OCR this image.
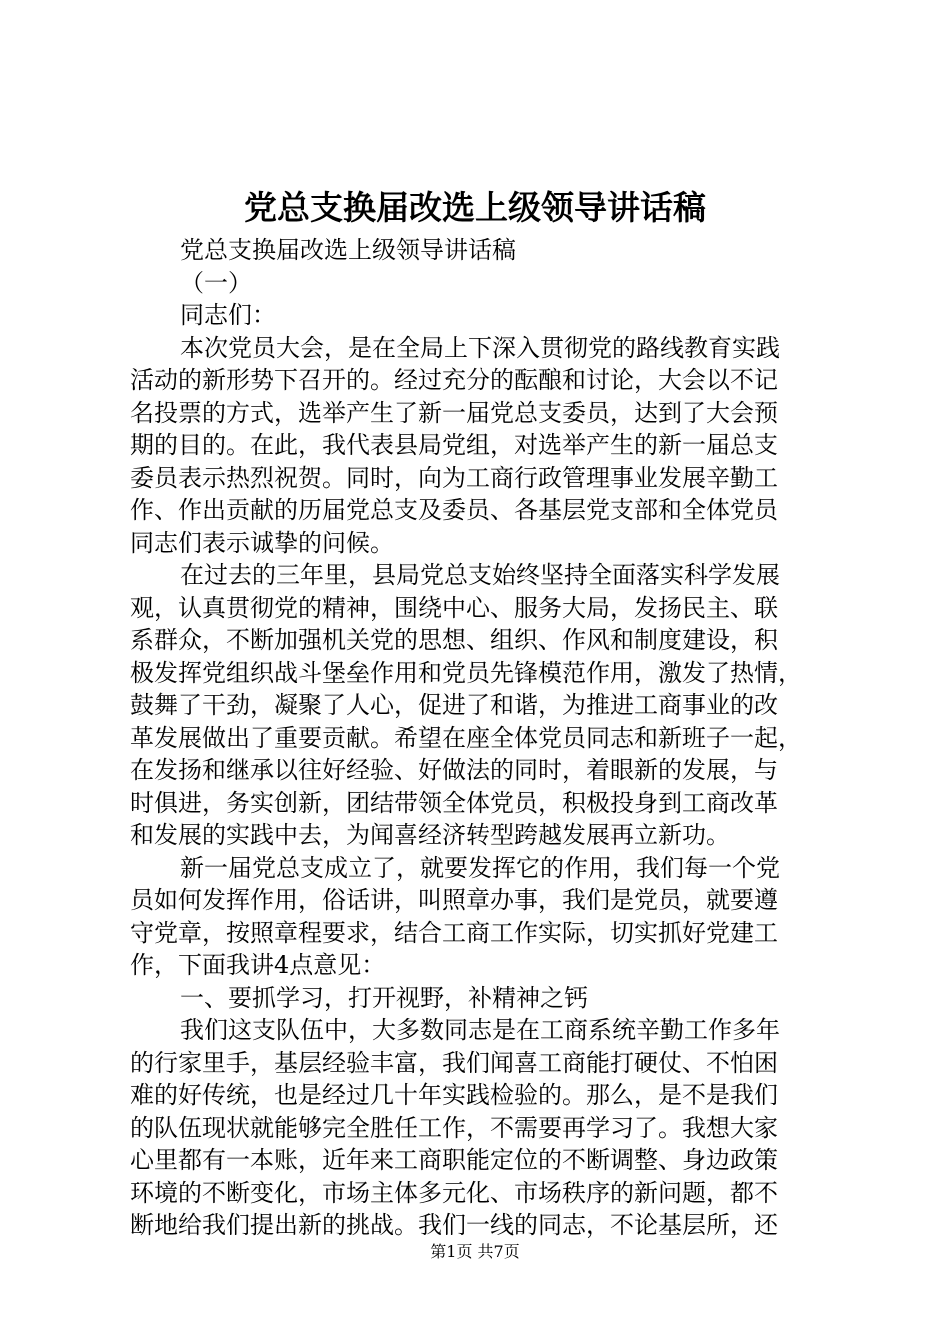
党总支换届改选上级领导讲话稿
党总支换届改选上级领导讲话稿
（一）
同志们：
本次党员大会，是在全局上下深入贯彻党的路线教育实践
活动的新形势下召开的。经过充分的酝酿和讨论，大会以不记
名投票的方式，选举产生了新一届党总支委员，达到了大会预
期的目的。在此，我代表县局党组，对选举产生的新一届总支
委员表示热烈祝贺。同时，向为工商行政管理事业发展辛勤工
作、作出贡献的历届党总支及委员、各基层党支部和全体党员
同志们表示诚挚的问候。
在过去的三年里，县局党总支始终坚持全面落实科学发展
观，认真贯彻党的精神，围绕中心、服务大局，发扬民主、联
系群众，不断加强机关党的思想、组织、作风和制度建设，积
极发挥党组织战斗堡垒作用和党员先锋模范作用，激发了热情，
鼓舞了干劲，凝聚了人心，促进了和谐，为推进工商事业的改
革发展做出了重要贡献。希望在座全体党员同志和新班子一起，
在发扬和继承以往好经验、好做法的同时，着眼新的发展，与
时俱进，务实创新，团结带领全体党员，积极投身到工商改革
和发展的实践中去，为闻喜经济转型跨越发展再立新功。
新一届党总支成立了，就要发挥它的作用，我们每一个党
员如何发挥作用，俗话讲，叫照章办事，我们是党员，就要遵
守党章，按照章程要求，结合工商工作实际，切实抓好党建工
作，下面我讲4点意见：
一、要抓学习，打开视野，补精神之钙
我们这支队伍中，大多数同志是在工商系统辛勤工作多年
的行家里手，基层经验丰富，我们闻喜工商能打硬仗、不怕困
难的好传统，也是经过几十年实践检验的。那么，是不是我们
的队伍现状就能够完全胜任工作，不需要再学习了。我想大家
心里都有一本账，近年来工商职能定位的不断调整、身边政策
环境的不断变化，市场主体多元化、市场秩序的新问题，都不
断地给我们提出新的挑战。我们一线的同志，不论基层所，还
第1页 共7页
